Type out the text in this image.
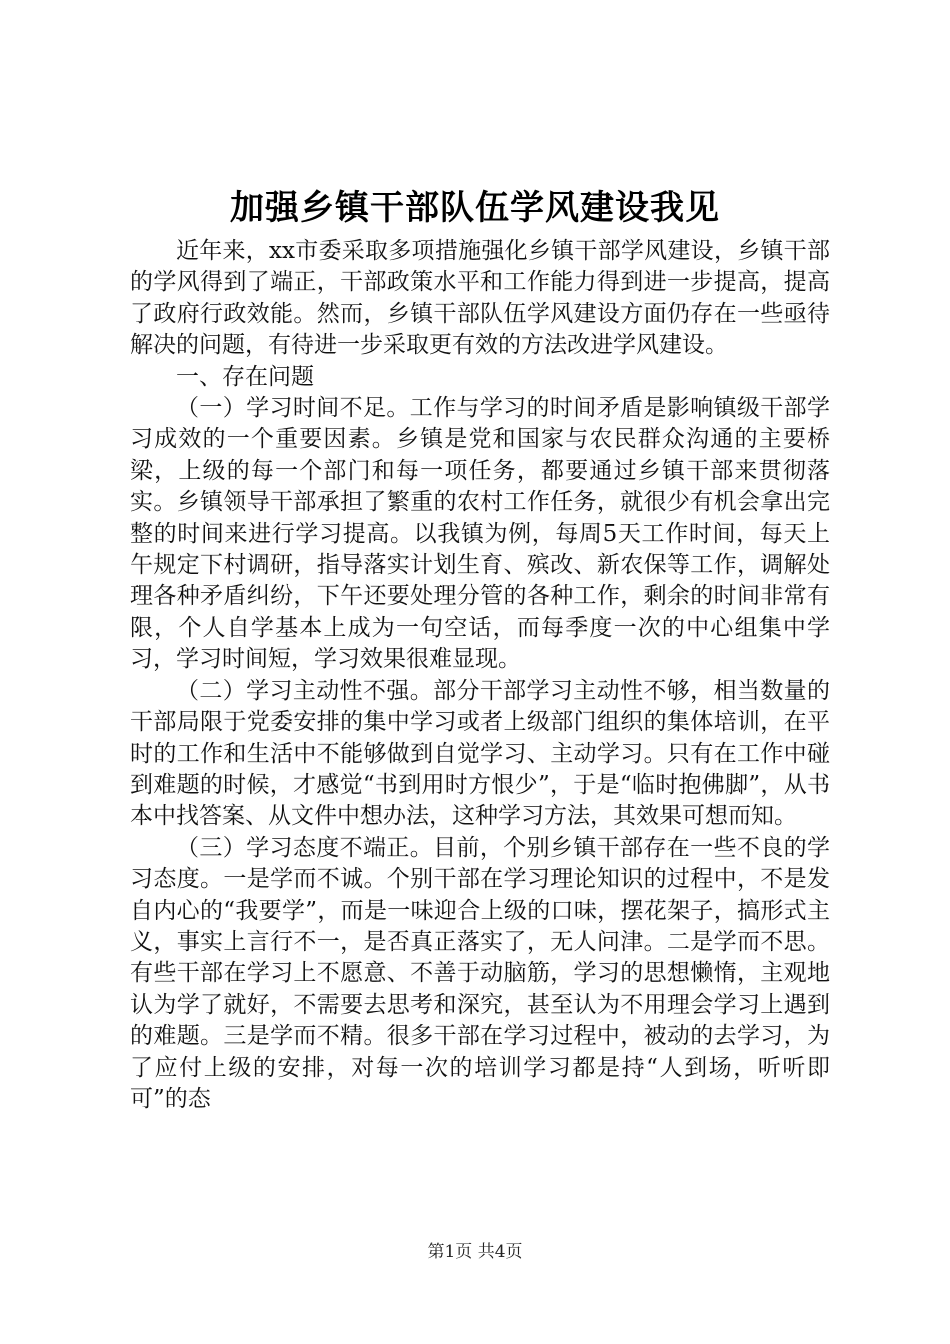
加强乡镇干部队伍学风建设我见

近年来，xx市委采取多项措施强化乡镇干部学风建设，乡镇干部的学风得到了端正，干部政策水平和工作能力得到进一步提高，提高了政府行政效能。然而，乡镇干部队伍学风建设方面仍存在一些亟待解决的问题，有待进一步采取更有效的方法改进学风建设。

一、存在问题

（一）学习时间不足。工作与学习的时间矛盾是影响镇级干部学习成效的一个重要因素。乡镇是党和国家与农民群众沟通的主要桥梁，上级的每一个部门和每一项任务，都要通过乡镇干部来贯彻落实。乡镇领导干部承担了繁重的农村工作任务，就很少有机会拿出完整的时间来进行学习提高。以我镇为例，每周5天工作时间，每天上午规定下村调研，指导落实计划生育、殡改、新农保等工作，调解处理各种矛盾纠纷，下午还要处理分管的各种工作，剩余的时间非常有限，个人自学基本上成为一句空话，而每季度一次的中心组集中学习，学习时间短，学习效果很难显现。

（二）学习主动性不强。部分干部学习主动性不够，相当数量的干部局限于党委安排的集中学习或者上级部门组织的集体培训，在平时的工作和生活中不能够做到自觉学习、主动学习。只有在工作中碰到难题的时候，才感觉“书到用时方恨少”，于是“临时抱佛脚”，从书本中找答案、从文件中想办法，这种学习方法，其效果可想而知。

（三）学习态度不端正。目前，个别乡镇干部存在一些不良的学习态度。一是学而不诚。个别干部在学习理论知识的过程中，不是发自内心的“我要学”，而是一味迎合上级的口味，摆花架子，搞形式主义，事实上言行不一，是否真正落实了，无人问津。二是学而不思。有些干部在学习上不愿意、不善于动脑筋，学习的思想懒惰，主观地认为学了就好，不需要去思考和深究，甚至认为不用理会学习上遇到的难题。三是学而不精。很多干部在学习过程中，被动的去学习，为了应付上级的安排，对每一次的培训学习都是持“人到场，听听即可”的态

第1页 共4页
